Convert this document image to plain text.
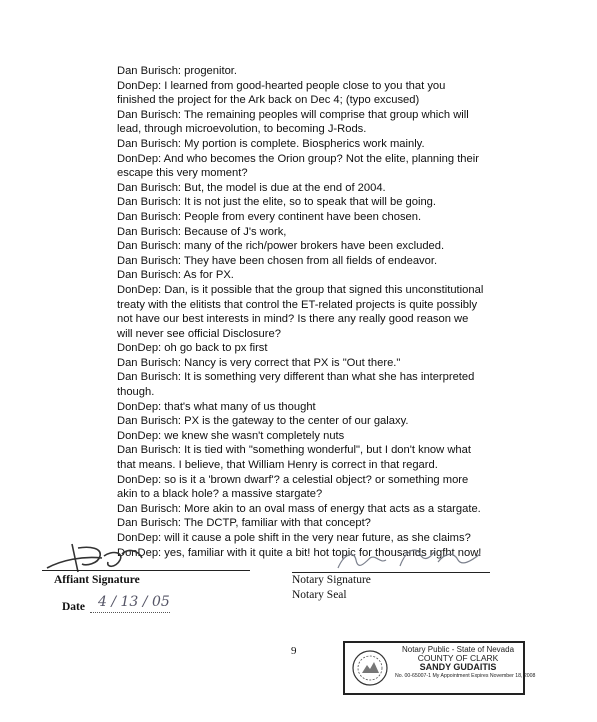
Dan Burisch: progenitor.
DonDep: I learned from good-hearted people close to you that you
finished the project for the Ark back on Dec 4; (typo excused)
Dan Burisch: The remaining peoples will comprise that group which will
lead, through microevolution, to becoming J-Rods.
Dan Burisch: My portion is complete. Biospherics work mainly.
DonDep: And who becomes the Orion group? Not the elite, planning their
escape this very moment?
Dan Burisch: But, the model is due at the end of 2004.
Dan Burisch: It is not just the elite, so to speak that will be going.
Dan Burisch: People from every continent have been chosen.
Dan Burisch: Because of J's work,
Dan Burisch: many of the rich/power brokers have been excluded.
Dan Burisch: They have been chosen from all fields of endeavor.
Dan Burisch: As for PX.
DonDep: Dan, is it possible that the group that signed this unconstitutional
treaty with the elitists that control the ET-related projects is quite possibly
not have our best interests in mind? Is there any really good reason we
will never see official Disclosure?
DonDep: oh go back to px first
Dan Burisch: Nancy is very correct that PX is "Out there."
Dan Burisch: It is something very different than what she has interpreted
though.
DonDep: that's what many of us thought
Dan Burisch: PX is the gateway to the center of our galaxy.
DonDep: we knew she wasn't completely nuts
Dan Burisch: It is tied with "something wonderful", but I don't know what
that means. I believe, that William Henry is correct in that regard.
DonDep: so is it a 'brown dwarf'? a celestial object? or something more
akin to a black hole? a massive stargate?
Dan Burisch: More akin to an oval mass of energy that acts as a stargate.
Dan Burisch: The DCTP, familiar with that concept?
DonDep: will it cause a pole shift in the very near future, as she claims?
DonDep: yes, familiar with it quite a bit! hot topic for thousands rigfht now!
Affiant Signature
Date 4 / 13 / 05
Notary Signature
Notary Seal
9	Notary Public - State of Nevada
COUNTY OF CLARK
SANDY GUDAITIS
No. 00-65007-1 My Appointment Expires November 18, 2008
